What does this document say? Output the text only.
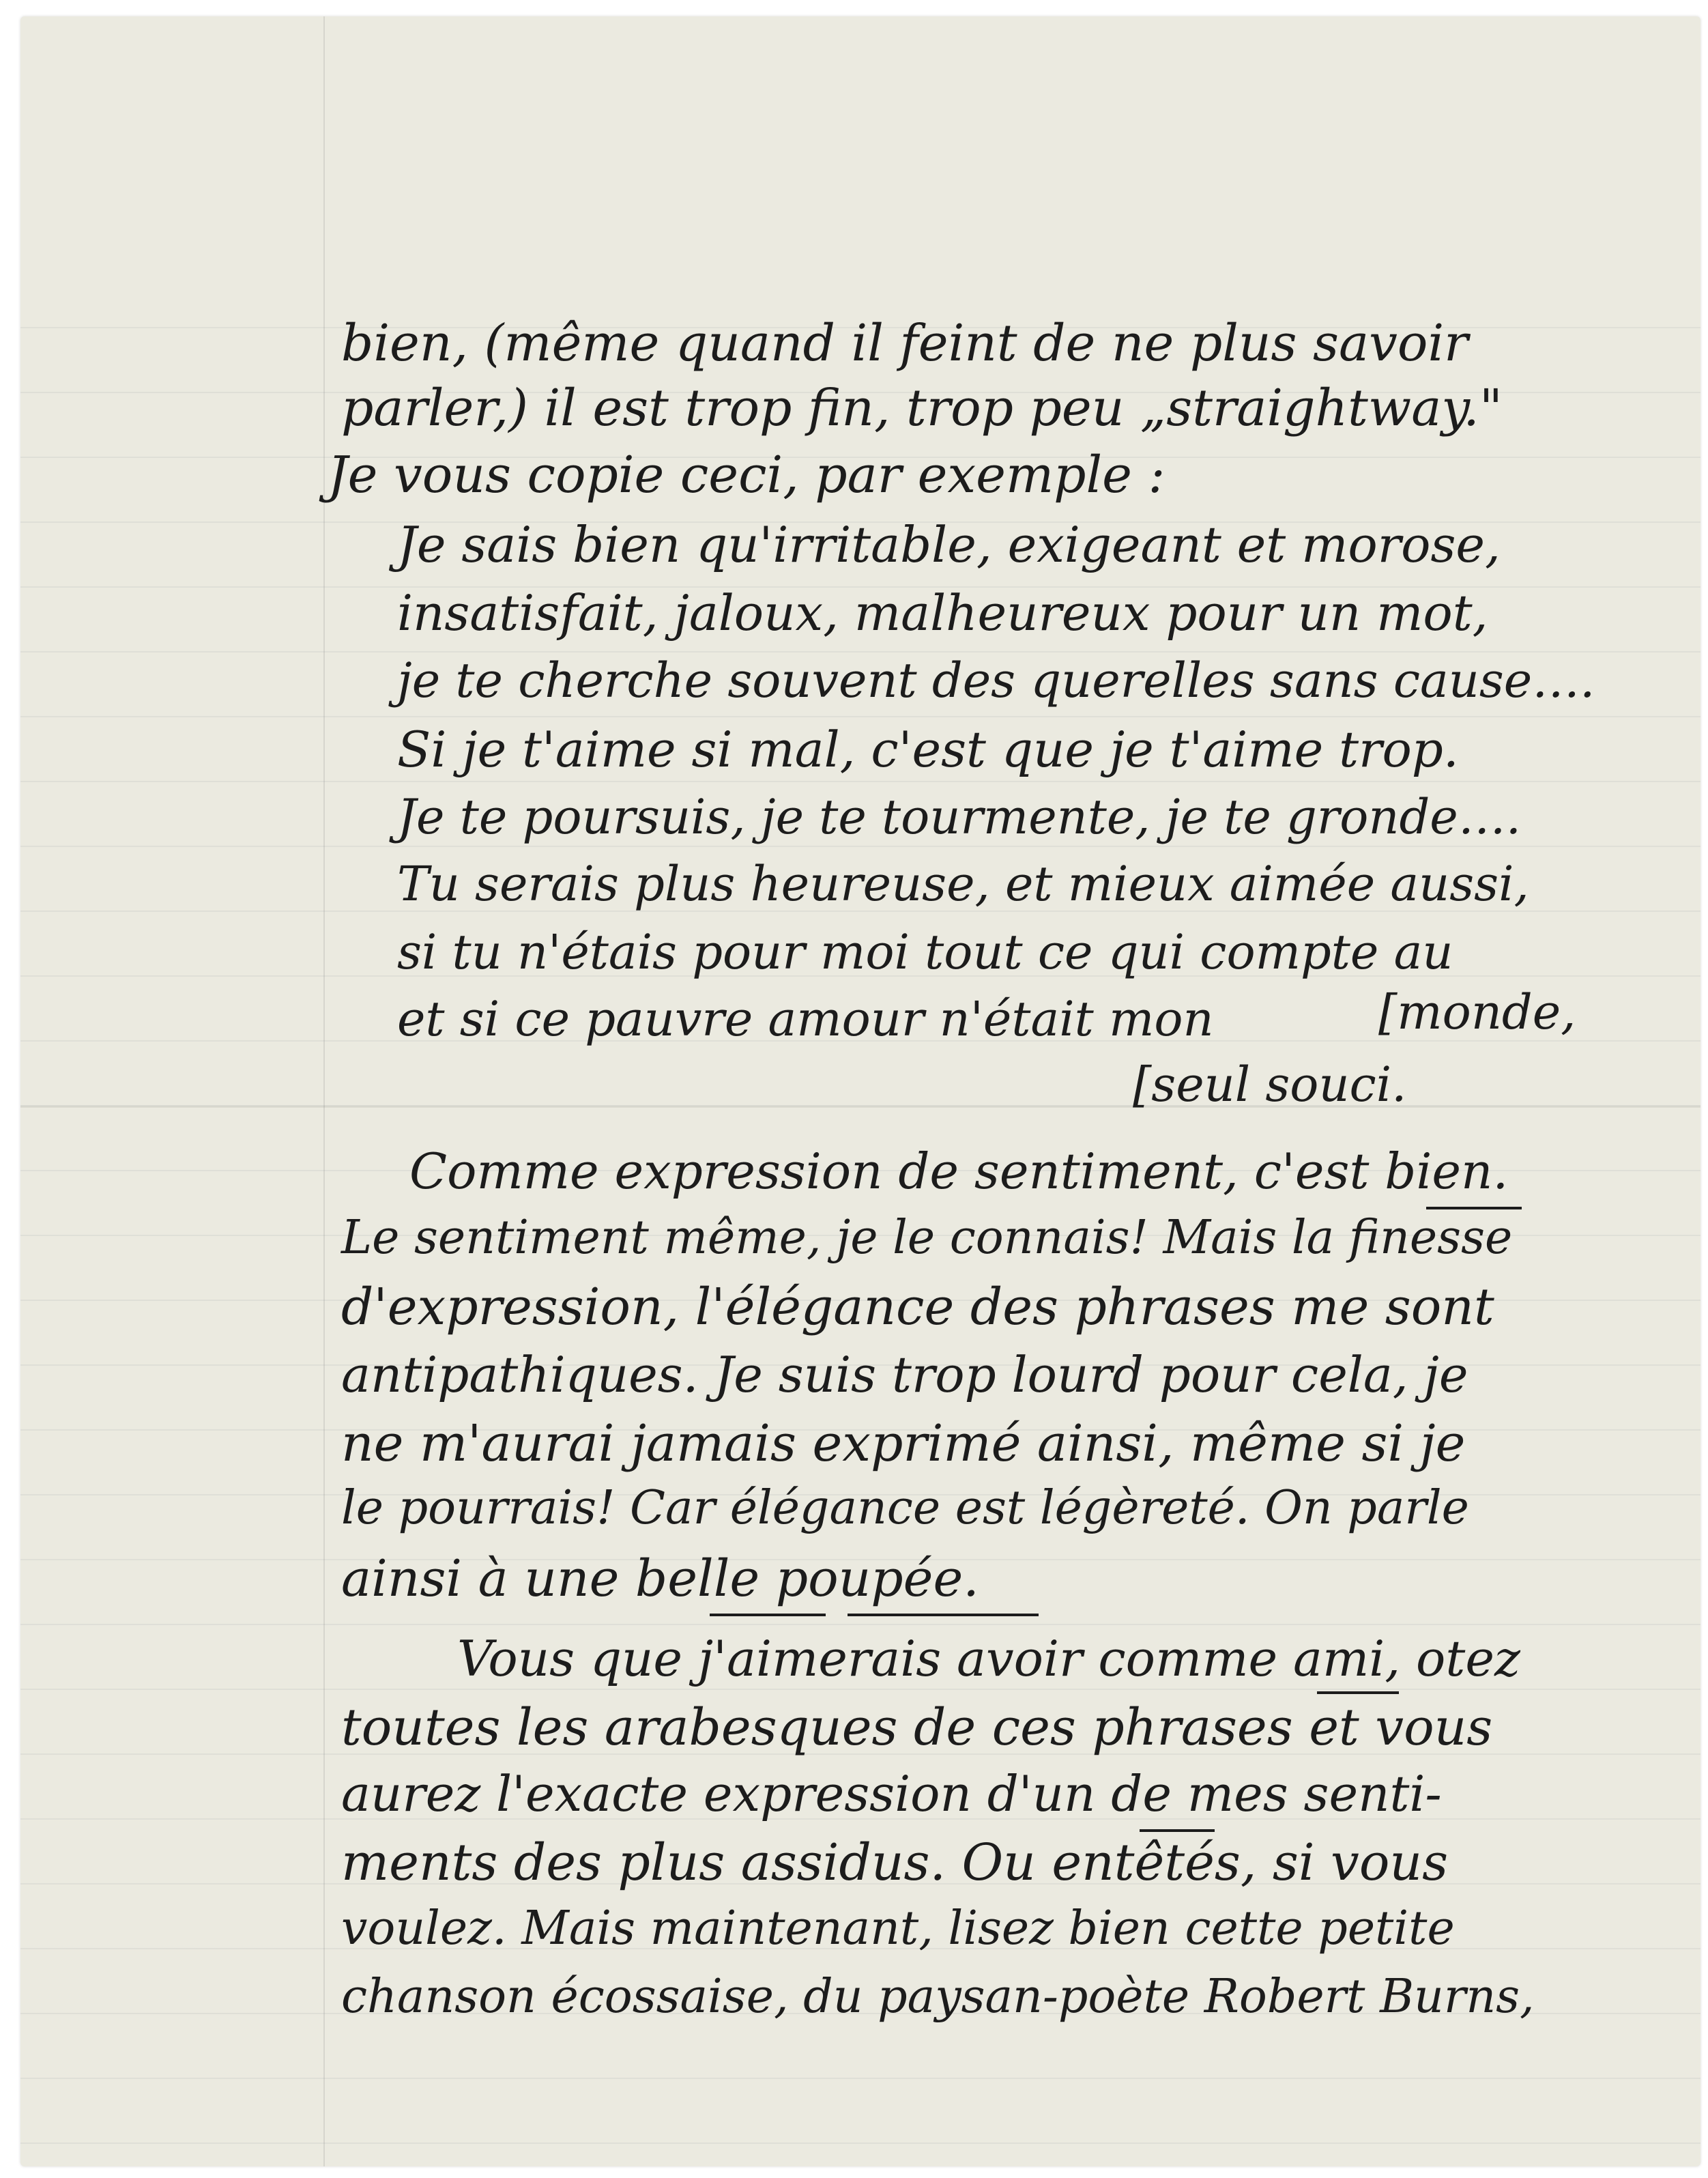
bien, (même quand il feint de ne plus savoir
parler,) il est trop fin, trop peu „straightway."
Je vous copie ceci, par exemple :
Je sais bien qu'irritable, exigeant et morose,
insatisfait, jaloux, malheureux pour un mot,
je te cherche souvent des querelles sans cause….
Si je t'aime si mal, c'est que je t'aime trop.
Je te poursuis, je te tourmente, je te gronde….
Tu serais plus heureuse, et mieux aimée aussi,
si tu n'étais pour moi tout ce qui compte au
et si ce pauvre amour n'était mon	[monde,
[seul souci.
Comme expression de sentiment, c'est bien.
Le sentiment même, je le connais! Mais la finesse
d'expression, l'élégance des phrases me sont
antipathiques. Je suis trop lourd pour cela, je
ne m'aurai jamais exprimé ainsi, même si je
le pourrais! Car élégance est légèreté. On parle
ainsi à une belle poupée.
Vous que j'aimerais avoir comme ami, otez
toutes les arabesques de ces phrases et vous
aurez l'exacte expression d'un de mes senti-
ments des plus assidus. Ou entêtés, si vous
voulez. Mais maintenant, lisez bien cette petite
chanson écossaise, du paysan-poète Robert Burns,
